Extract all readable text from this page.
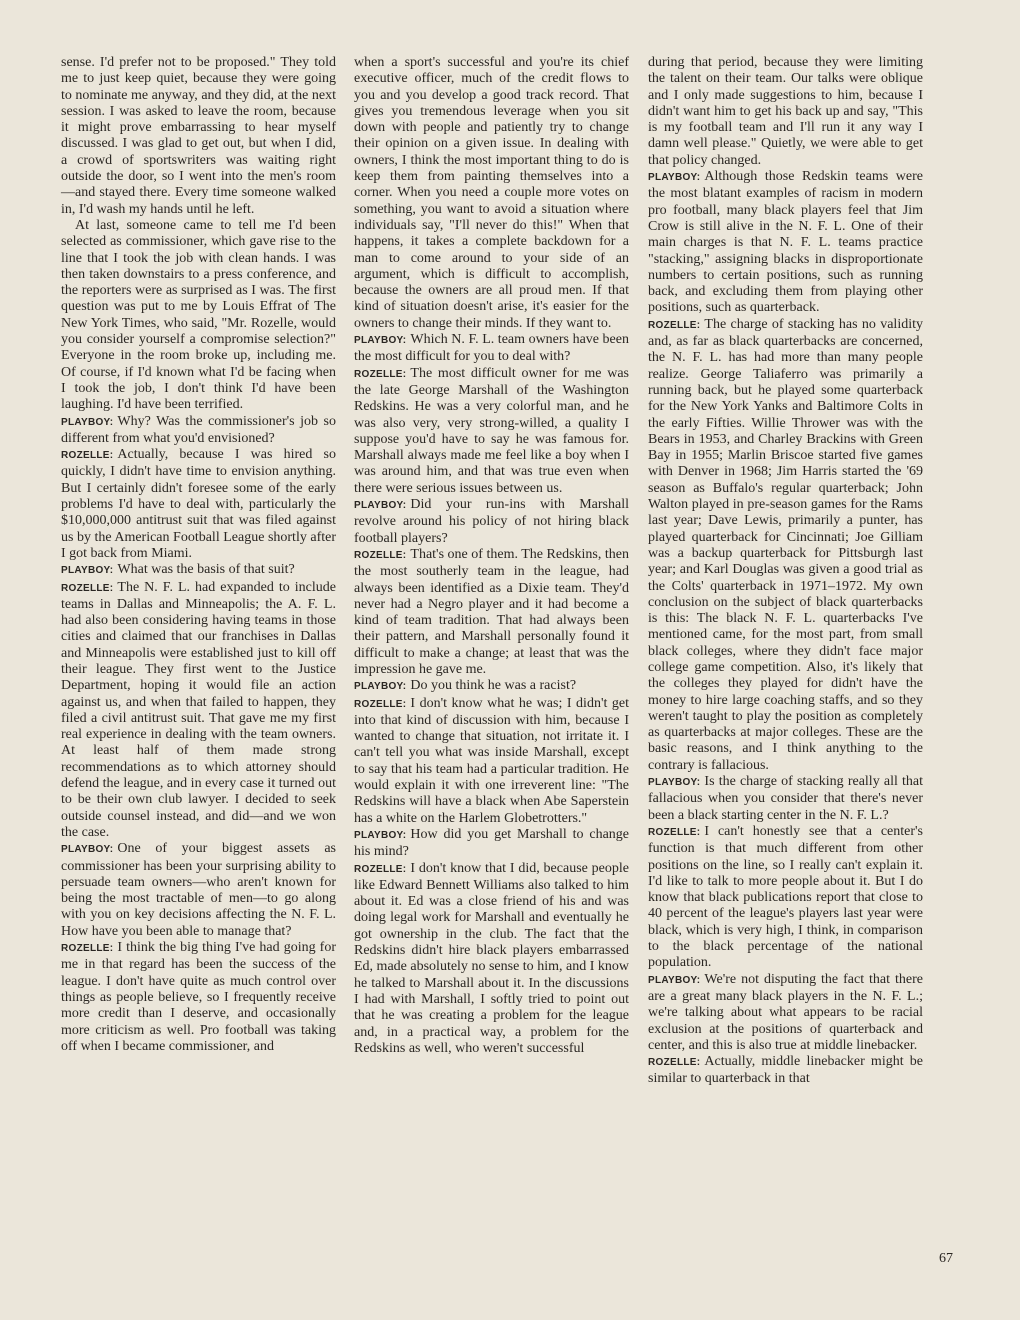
sense. I'd prefer not to be proposed." They told me to just keep quiet, because they were going to nominate me anyway, and they did, at the next session. I was asked to leave the room, because it might prove embarrassing to hear myself discussed. I was glad to get out, but when I did, a crowd of sportswriters was waiting right outside the door, so I went into the men's room—and stayed there. Every time someone walked in, I'd wash my hands until he left.

At last, someone came to tell me I'd been selected as commissioner, which gave rise to the line that I took the job with clean hands. I was then taken downstairs to a press conference, and the reporters were as surprised as I was. The first question was put to me by Louis Effrat of The New York Times, who said, "Mr. Rozelle, would you consider yourself a compromise selection?" Everyone in the room broke up, including me. Of course, if I'd known what I'd be facing when I took the job, I don't think I'd have been laughing. I'd have been terrified.

PLAYBOY: Why? Was the commissioner's job so different from what you'd envisioned?

ROZELLE: Actually, because I was hired so quickly, I didn't have time to envision anything. But I certainly didn't foresee some of the early problems I'd have to deal with, particularly the $10,000,000 antitrust suit that was filed against us by the American Football League shortly after I got back from Miami.

PLAYBOY: What was the basis of that suit?

ROZELLE: The N. F. L. had expanded to include teams in Dallas and Minneapolis; the A. F. L. had also been considering having teams in those cities and claimed that our franchises in Dallas and Minneapolis were established just to kill off their league. They first went to the Justice Department, hoping it would file an action against us, and when that failed to happen, they filed a civil antitrust suit. That gave me my first real experience in dealing with the team owners. At least half of them made strong recommendations as to which attorney should defend the league, and in every case it turned out to be their own club lawyer. I decided to seek outside counsel instead, and did—and we won the case.

PLAYBOY: One of your biggest assets as commissioner has been your surprising ability to persuade team owners—who aren't known for being the most tractable of men—to go along with you on key decisions affecting the N. F. L. How have you been able to manage that?

ROZELLE: I think the big thing I've had going for me in that regard has been the success of the league. I don't have quite as much control over things as people believe, so I frequently receive more credit than I deserve, and occasionally more criticism as well. Pro football was taking off when I became commissioner, and

when a sport's successful and you're its chief executive officer, much of the credit flows to you and you develop a good track record. That gives you tremendous leverage when you sit down with people and patiently try to change their opinion on a given issue. In dealing with owners, I think the most important thing to do is keep them from painting themselves into a corner. When you need a couple more votes on something, you want to avoid a situation where individuals say, "I'll never do this!" When that happens, it takes a complete backdown for a man to come around to your side of an argument, which is difficult to accomplish, because the owners are all proud men. If that kind of situation doesn't arise, it's easier for the owners to change their minds. If they want to.

PLAYBOY: Which N. F. L. team owners have been the most difficult for you to deal with?

ROZELLE: The most difficult owner for me was the late George Marshall of the Washington Redskins. He was a very colorful man, and he was also very, very strong-willed, a quality I suppose you'd have to say he was famous for. Marshall always made me feel like a boy when I was around him, and that was true even when there were serious issues between us.

PLAYBOY: Did your run-ins with Marshall revolve around his policy of not hiring black football players?

ROZELLE: That's one of them. The Redskins, then the most southerly team in the league, had always been identified as a Dixie team. They'd never had a Negro player and it had become a kind of team tradition. That had always been their pattern, and Marshall personally found it difficult to make a change; at least that was the impression he gave me.

PLAYBOY: Do you think he was a racist?

ROZELLE: I don't know what he was; I didn't get into that kind of discussion with him, because I wanted to change that situation, not irritate it. I can't tell you what was inside Marshall, except to say that his team had a particular tradition. He would explain it with one irreverent line: "The Redskins will have a black when Abe Saperstein has a white on the Harlem Globetrotters."

PLAYBOY: How did you get Marshall to change his mind?

ROZELLE: I don't know that I did, because people like Edward Bennett Williams also talked to him about it. Ed was a close friend of his and was doing legal work for Marshall and eventually he got ownership in the club. The fact that the Redskins didn't hire black players embarrassed Ed, made absolutely no sense to him, and I know he talked to Marshall about it. In the discussions I had with Marshall, I softly tried to point out that he was creating a problem for the league and, in a practical way, a problem for the Redskins as well, who weren't successful

during that period, because they were limiting the talent on their team. Our talks were oblique and I only made suggestions to him, because I didn't want him to get his back up and say, "This is my football team and I'll run it any way I damn well please." Quietly, we were able to get that policy changed.

PLAYBOY: Although those Redskin teams were the most blatant examples of racism in modern pro football, many black players feel that Jim Crow is still alive in the N. F. L. One of their main charges is that N. F. L. teams practice "stacking," assigning blacks in disproportionate numbers to certain positions, such as running back, and excluding them from playing other positions, such as quarterback.

ROZELLE: The charge of stacking has no validity and, as far as black quarterbacks are concerned, the N. F. L. has had more than many people realize. George Taliaferro was primarily a running back, but he played some quarterback for the New York Yanks and Baltimore Colts in the early Fifties. Willie Thrower was with the Bears in 1953, and Charley Brackins with Green Bay in 1955; Marlin Briscoe started five games with Denver in 1968; Jim Harris started the '69 season as Buffalo's regular quarterback; John Walton played in pre-season games for the Rams last year; Dave Lewis, primarily a punter, has played quarterback for Cincinnati; Joe Gilliam was a backup quarterback for Pittsburgh last year; and Karl Douglas was given a good trial as the Colts' quarterback in 1971–1972. My own conclusion on the subject of black quarterbacks is this: The black N. F. L. quarterbacks I've mentioned came, for the most part, from small black colleges, where they didn't face major college game competition. Also, it's likely that the colleges they played for didn't have the money to hire large coaching staffs, and so they weren't taught to play the position as completely as quarterbacks at major colleges. These are the basic reasons, and I think anything to the contrary is fallacious.

PLAYBOY: Is the charge of stacking really all that fallacious when you consider that there's never been a black starting center in the N. F. L.?

ROZELLE: I can't honestly see that a center's function is that much different from other positions on the line, so I really can't explain it. I'd like to talk to more people about it. But I do know that black publications report that close to 40 percent of the league's players last year were black, which is very high, I think, in comparison to the black percentage of the national population.

PLAYBOY: We're not disputing the fact that there are a great many black players in the N. F. L.; we're talking about what appears to be racial exclusion at the positions of quarterback and center, and this is also true at middle linebacker.

ROZELLE: Actually, middle linebacker might be similar to quarterback in that

67
